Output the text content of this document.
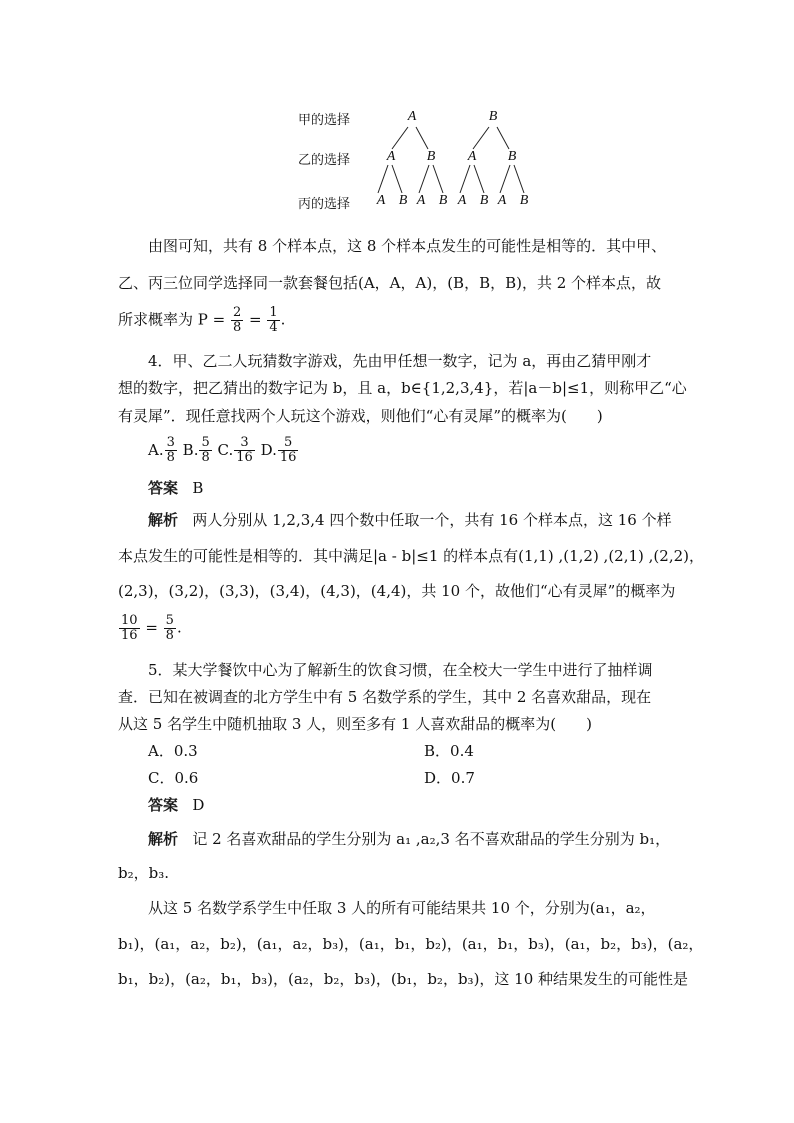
甲的选择
乙的选择
丙的选择
A	B
A B A B
A B A B A B A B
由图可知，共有 8 个样本点，这 8 个样本点发生的可能性是相等的．其中甲、
乙、丙三位同学选择同一款套餐包括(A，A，A)，(B，B，B)，共 2 个样本点，故
所求概率为 $P = \frac{2}{8} = \frac{1}{4}$ .
4．甲、乙二人玩猜数字游戏，先由甲任想一数字，记为 a，再由乙猜甲刚才
想的数字，把乙猜出的数字记为 b，且 a，b∈{1,2,3,4}，若|a－b|≤1，则称甲乙“心
有灵犀”．现任意找两个人玩这个游戏，则他们“心有灵犀”的概率为(　　)
A. $\frac{3}{8} B$. $\frac{5}{8} C$. $\frac{3}{16} D$. $\frac{5}{16}$
答案 B
解析 两人分别从 1,2,3,4 四个数中任取一个，共有 16 个样本点，这 16 个样
本点发生的可能性是相等的．其中满足|a - b|≤1 的样本点有(1,1) ,(1,2) ,(2,1) ,(2,2)，
(2,3)，(3,2)，(3,3)，(3,4)，(4,3)，(4,4)，共 10 个，故他们“心有灵犀”的概率为
$\frac{10}{16} = \frac{5}{8}$ .
5．某大学餐饮中心为了解新生的饮食习惯，在全校大一学生中进行了抽样调
查．已知在被调查的北方学生中有 5 名数学系的学生，其中 2 名喜欢甜品，现在
从这 5 名学生中随机抽取 3 人，则至多有 1 人喜欢甜品的概率为(　　)
A．0.3	B．0.4
C．0.6	D．0.7
答案 D
解析 记 2 名喜欢甜品的学生分别为 a₁ ,a₂,3 名不喜欢甜品的学生分别为 b₁，
b₂，b₃.
从这 5 名数学系学生中任取 3 人的所有可能结果共 10 个，分别为(a₁，a₂，
b₁)，(a₁，a₂，b₂)，(a₁，a₂，b₃)，(a₁，b₁，b₂)，(a₁，b₁，b₃)，(a₁，b₂，b₃)，(a₂，
b₁，b₂)，(a₂，b₁，b₃)，(a₂，b₂，b₃)，(b₁，b₂，b₃)，这 10 种结果发生的可能性是
